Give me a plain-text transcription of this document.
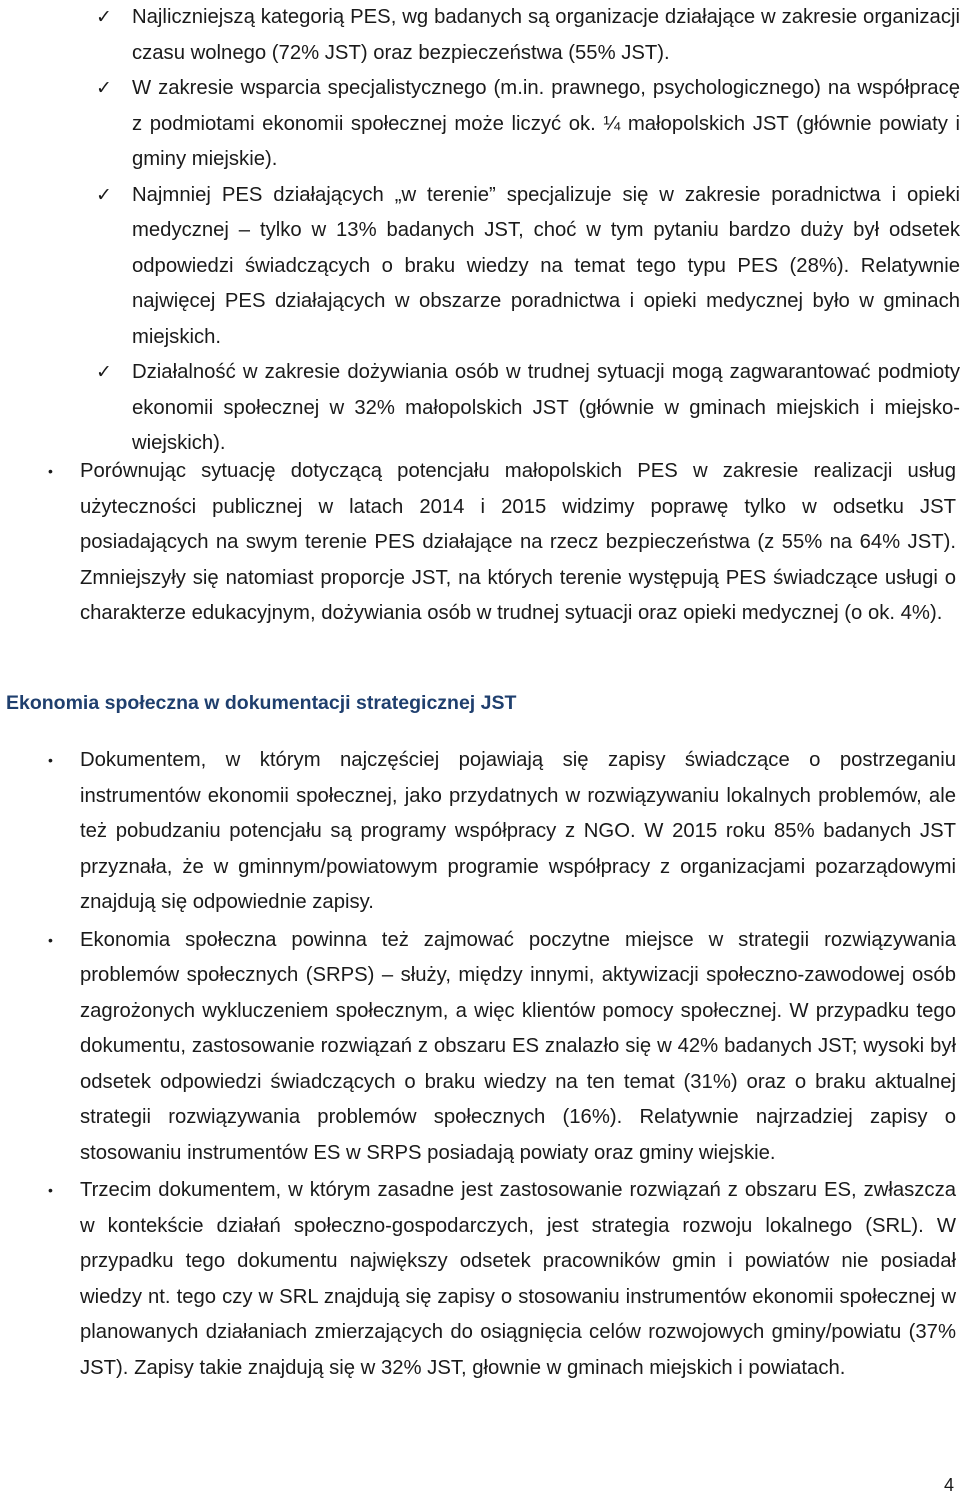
✓ Najliczniejszą kategorią PES, wg badanych są organizacje działające w zakresie organizacji czasu wolnego (72% JST) oraz bezpieczeństwa (55% JST).
✓ W zakresie wsparcia specjalistycznego (m.in. prawnego, psychologicznego) na współpracę z podmiotami ekonomii społecznej może liczyć ok. ¼ małopolskich JST (głównie powiaty i gminy miejskie).
✓ Najmniej PES działających „w terenie” specjalizuje się w zakresie poradnictwa i opieki medycznej – tylko w 13% badanych JST, choć w tym pytaniu bardzo duży był odsetek odpowiedzi świadczących o braku wiedzy na temat tego typu PES (28%). Relatywnie najwięcej PES działających w obszarze poradnictwa i opieki medycznej było w gminach miejskich.
✓ Działalność w zakresie dożywiania osób w trudnej sytuacji mogą zagwarantować podmioty ekonomii społecznej w 32% małopolskich JST (głównie w gminach miejskich i miejsko-wiejskich).
•	Porównując sytuację dotyczącą potencjału małopolskich PES w zakresie realizacji usług użyteczności publicznej w latach 2014 i 2015 widzimy poprawę tylko w odsetku JST posiadających na swym terenie PES działające na rzecz bezpieczeństwa (z 55% na 64% JST). Zmniejszyły się natomiast proporcje JST, na których terenie występują PES świadczące usługi o charakterze edukacyjnym, dożywiania osób w trudnej sytuacji oraz opieki medycznej (o ok. 4%).
Ekonomia społeczna w dokumentacji strategicznej JST
•	Dokumentem, w którym najczęściej pojawiają się zapisy świadczące o postrzeganiu instrumentów ekonomii społecznej, jako przydatnych w rozwiązywaniu lokalnych problemów, ale też pobudzaniu potencjału są programy współpracy z NGO. W 2015 roku 85% badanych JST przyznała, że w gminnym/powiatowym programie współpracy z organizacjami pozarządowymi znajdują się odpowiednie zapisy.
•	Ekonomia społeczna powinna też zajmować poczytne miejsce w strategii rozwiązywania problemów społecznych (SRPS) – służy, między innymi, aktywizacji społeczno-zawodowej osób zagrożonych wykluczeniem społecznym, a więc klientów pomocy społecznej. W przypadku tego dokumentu, zastosowanie rozwiązań z obszaru ES znalazło się w 42% badanych JST; wysoki był odsetek odpowiedzi świadczących o braku wiedzy na ten temat (31%) oraz o braku aktualnej strategii rozwiązywania problemów społecznych (16%). Relatywnie najrzadziej zapisy o stosowaniu instrumentów ES w SRPS posiadają powiaty oraz gminy wiejskie.
•	Trzecim dokumentem, w którym zasadne jest zastosowanie rozwiązań z obszaru ES, zwłaszcza w kontekście działań społeczno-gospodarczych, jest strategia rozwoju lokalnego (SRL). W przypadku tego dokumentu największy odsetek pracowników gmin i powiatów nie posiadał wiedzy nt. tego czy w SRL znajdują się zapisy o stosowaniu instrumentów ekonomii społecznej w planowanych działaniach zmierzających do osiągnięcia celów rozwojowych gminy/powiatu (37% JST). Zapisy takie znajdują się w 32% JST, głownie w gminach miejskich i powiatach.
4
